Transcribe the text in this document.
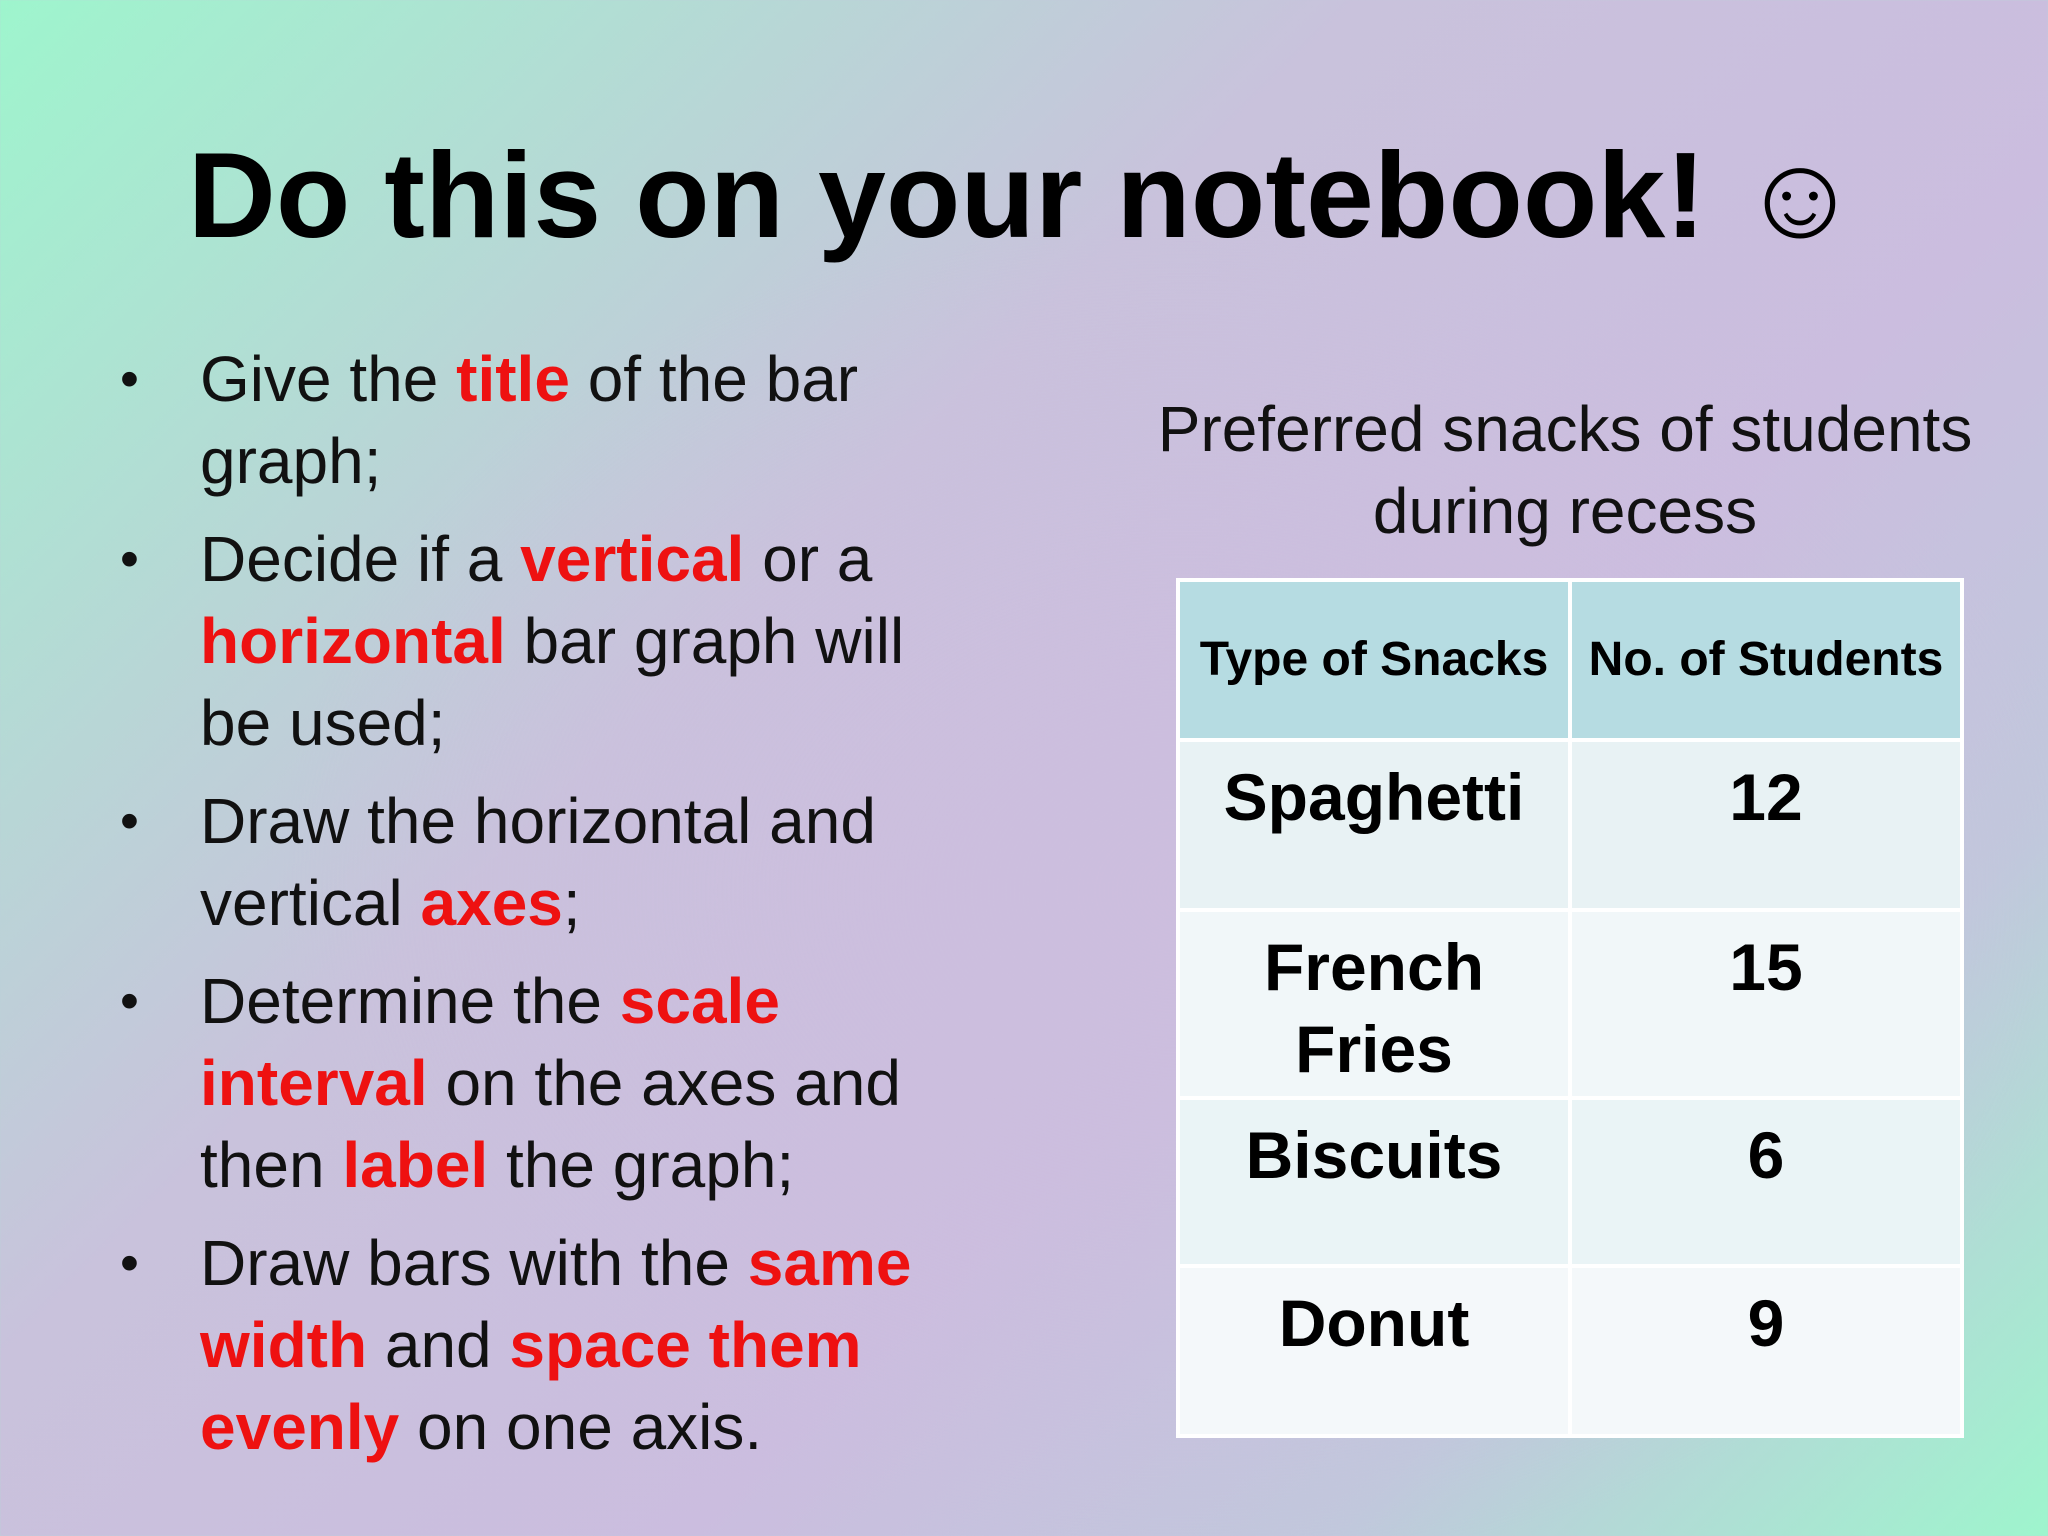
Do this on your notebook! ☺
• Give the title of the bar graph;
• Decide if a vertical or a horizontal bar graph will be used;
• Draw the horizontal and vertical axes;
• Determine the scale interval on the axes and then label the graph;
• Draw bars with the same width and space them evenly on one axis.
Preferred snacks of students during recess
Type of Snacks	No. of Students
Spaghetti	12
French Fries	15
Biscuits	6
Donut	9
